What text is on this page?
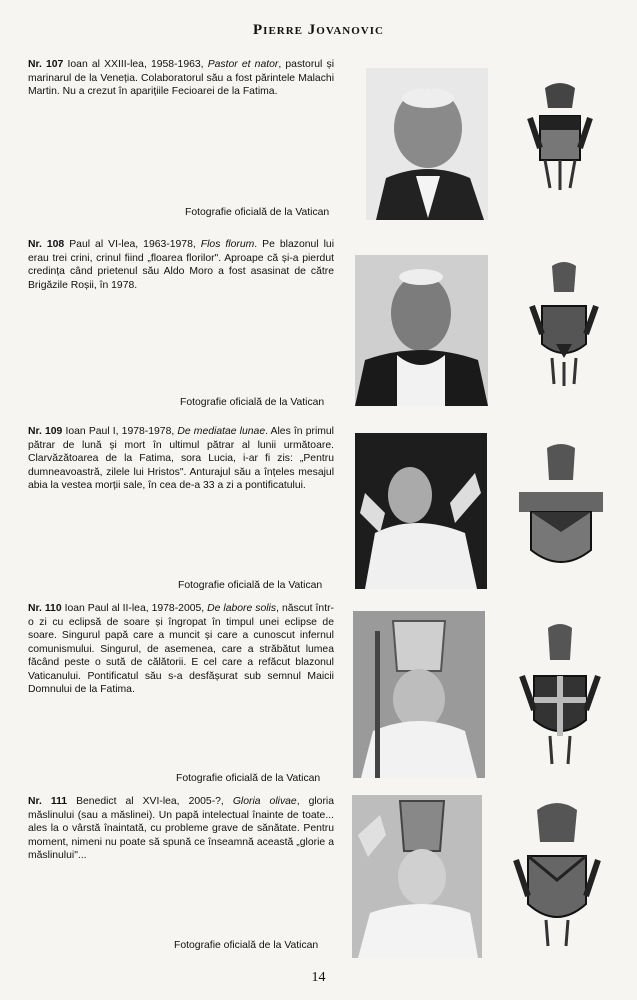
Pierre Jovanovic

Nr. 107 Ioan al XXIII-lea, 1958-1963, Pastor et nator, pastorul și marinarul de la Veneția. Colaboratorul său a fost părintele Malachi Martin. Nu a crezut în aparițiile Fecioarei de la Fatima.

Fotografie oficială de la Vatican

Nr. 108 Paul al VI-lea, 1963-1978, Flos florum. Pe blazonul lui erau trei crini, crinul fiind „floarea florilor". Aproape că și-a pierdut credința când prietenul său Aldo Moro a fost asasinat de către Brigăzile Roșii, în 1978.

Fotografie oficială de la Vatican

Nr. 109 Ioan Paul I, 1978-1978, De mediatae lunae. Ales în primul pătrar de lună și mort în ultimul pătrar al lunii următoare. Clarvăzătoarea de la Fatima, sora Lucia, i-ar fi zis: „Pentru dumneavoastră, zilele lui Hristos". Anturajul său a înțeles mesajul abia la vestea morții sale, în cea de-a 33 a zi a pontificatului.

Fotografie oficială de la Vatican

Nr. 110 Ioan Paul al II-lea, 1978-2005, De labore solis, născut într-o zi cu eclipsă de soare și îngropat în timpul unei eclipse de soare. Singurul papă care a muncit și care a cunoscut infernul comunismului. Singurul, de asemenea, care a străbătut lumea făcând peste o sută de călătorii. E cel care a refăcut blazonul Vaticanului. Pontificatul său s-a desfășurat sub semnul Maicii Domnului de la Fatima.

Fotografie oficială de la Vatican

Nr. 111 Benedict al XVI-lea, 2005-?, Gloria olivae, gloria măslinului (sau a măslinei). Un papă intelectual înainte de toate... ales la o vârstă înaintată, cu probleme grave de sănătate. Pentru moment, nimeni nu poate să spună ce înseamnă această „glorie a măslinului"...

Fotografie oficială de la Vatican
14
